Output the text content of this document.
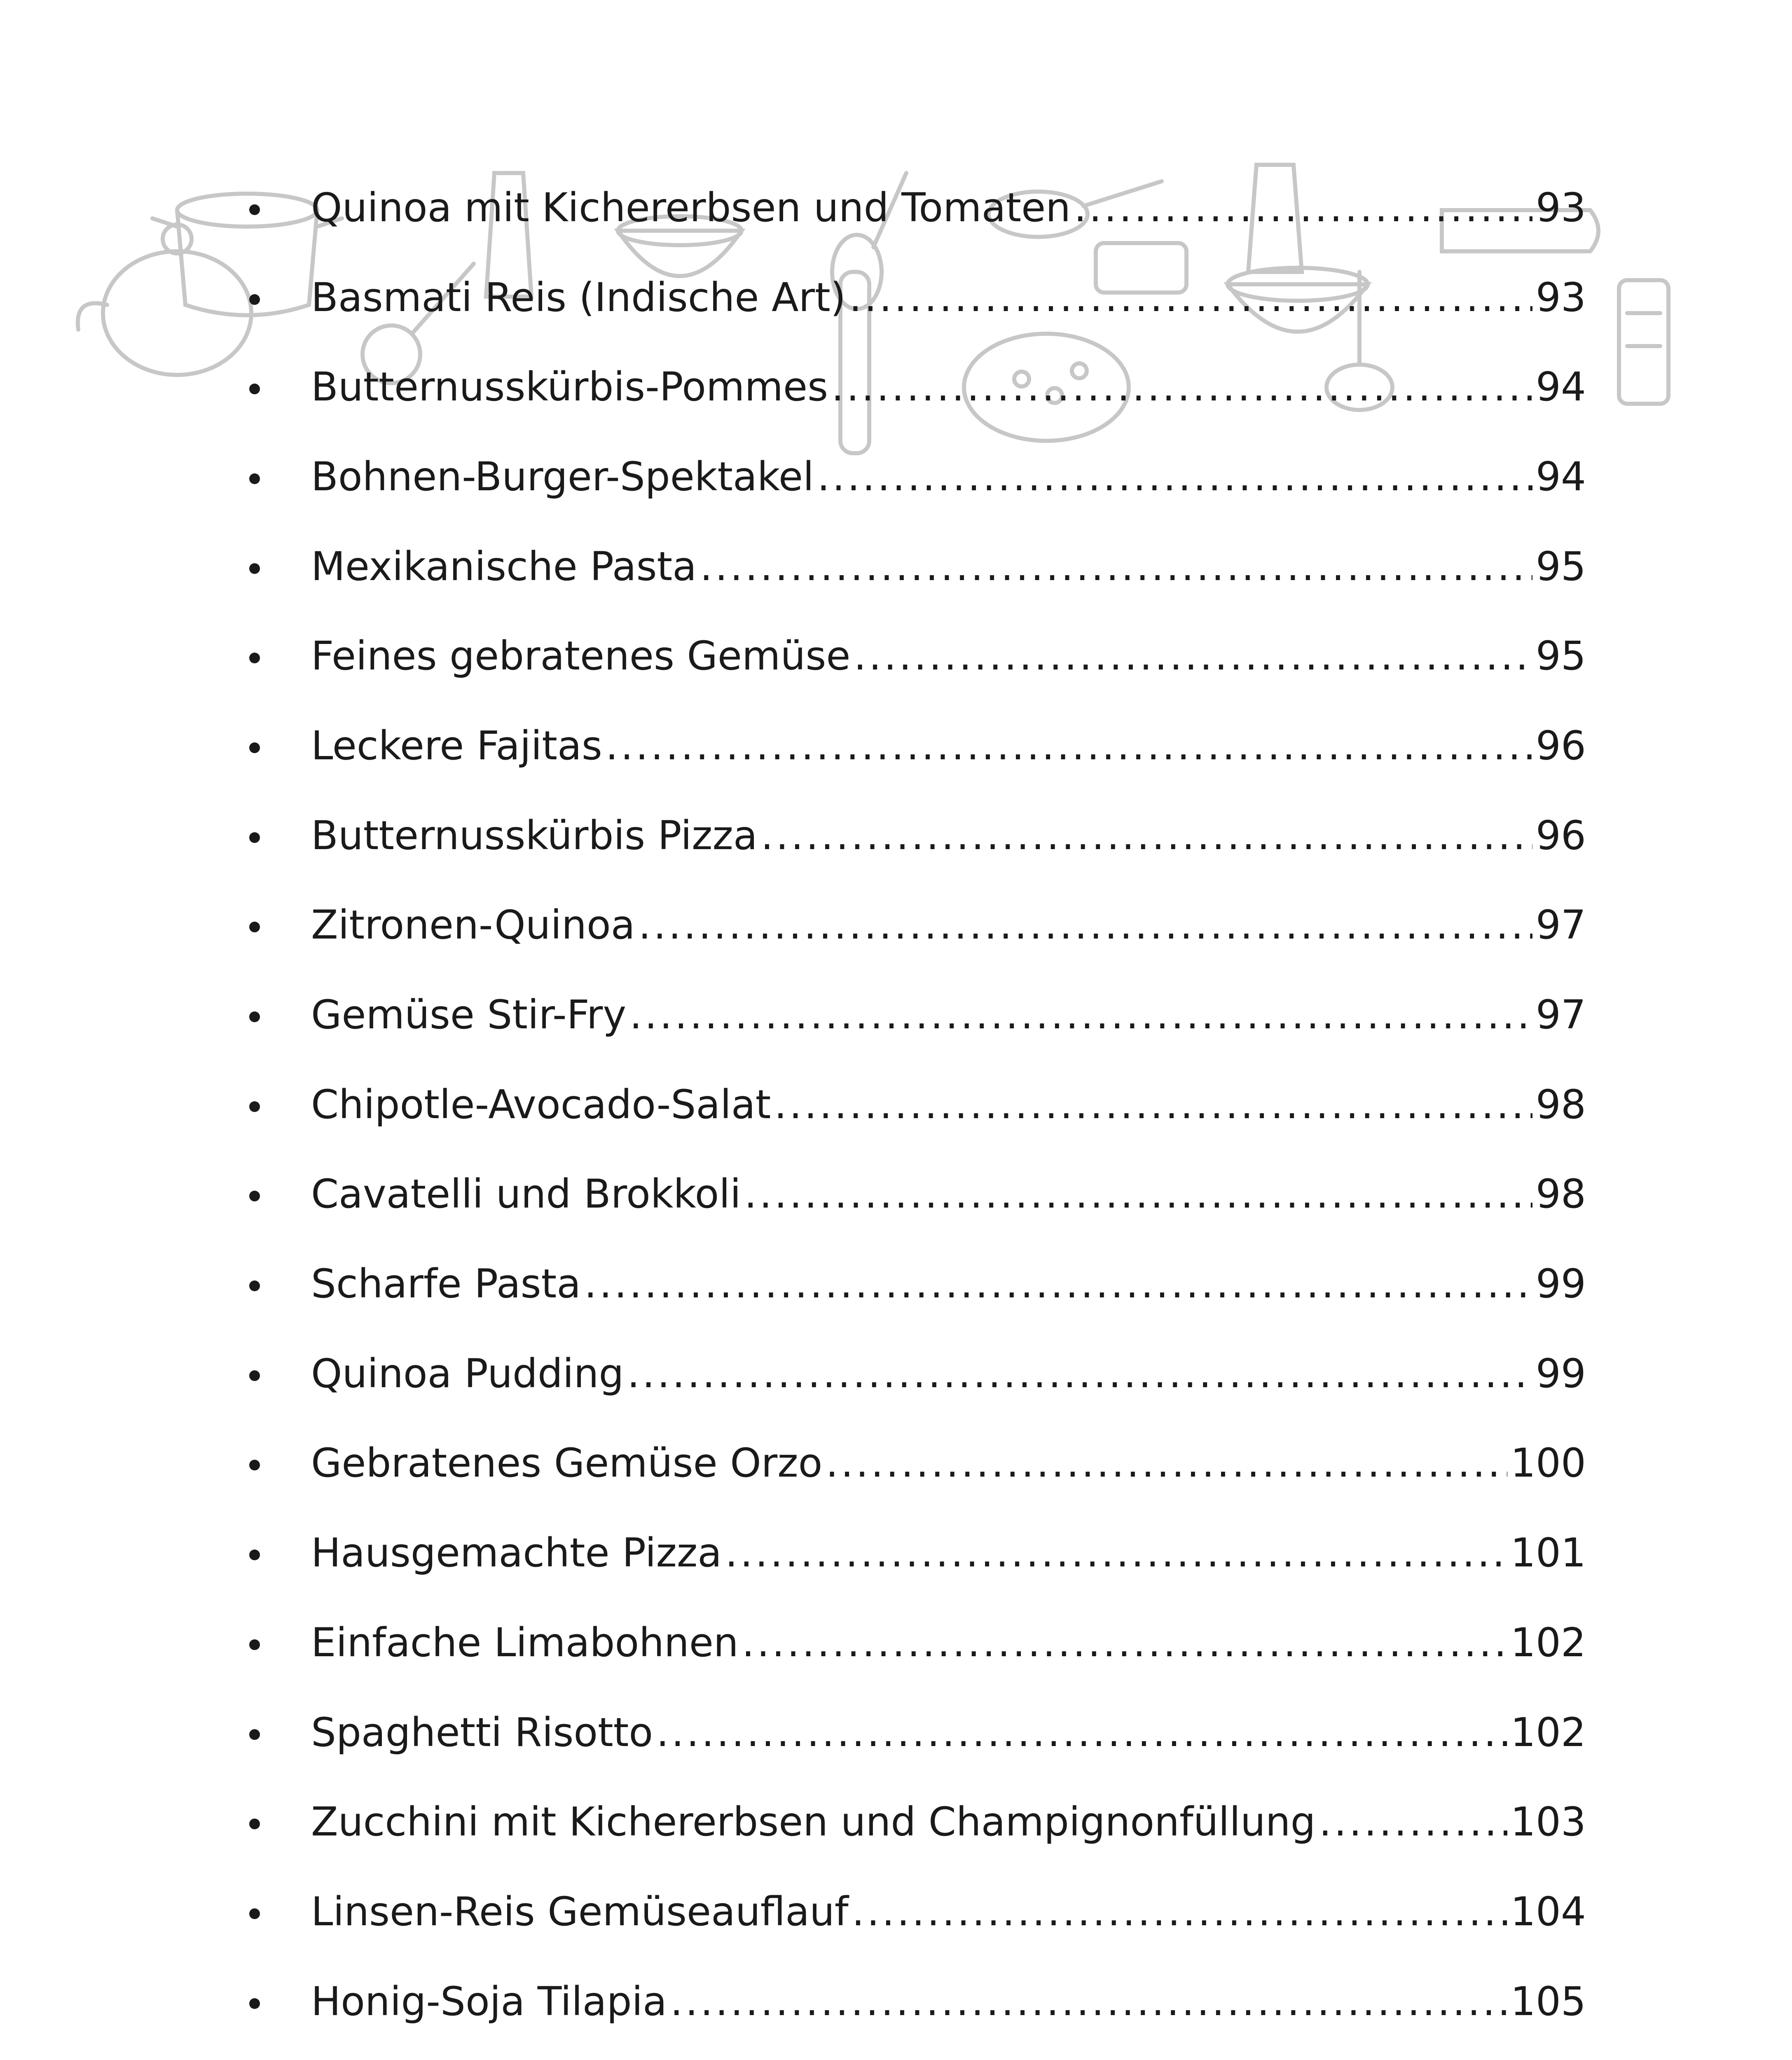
Quinoa mit Kichererbsen und Tomaten .....	93
Basmati Reis (Indische Art) .....	93
Butternusskürbis-Pommes .....	94
Bohnen-Burger-Spektakel .....	94
Mexikanische Pasta .....	95
Feines gebratenes Gemüse .....	95
Leckere Fajitas .....	96
Butternusskürbis Pizza .....	96
Zitronen-Quinoa .....	97
Gemüse Stir-Fry .....	97
Chipotle-Avocado-Salat .....	98
Cavatelli und Brokkoli .....	98
Scharfe Pasta .....	99
Quinoa Pudding .....	99
Gebratenes Gemüse Orzo .....	100
Hausgemachte Pizza .....	101
Einfache Limabohnen .....	102
Spaghetti Risotto .....	102
Zucchini mit Kichererbsen und Champignonfüllung .....	103
Linsen-Reis Gemüseauflauf .....	104
Honig-Soja Tilapia .....	105
